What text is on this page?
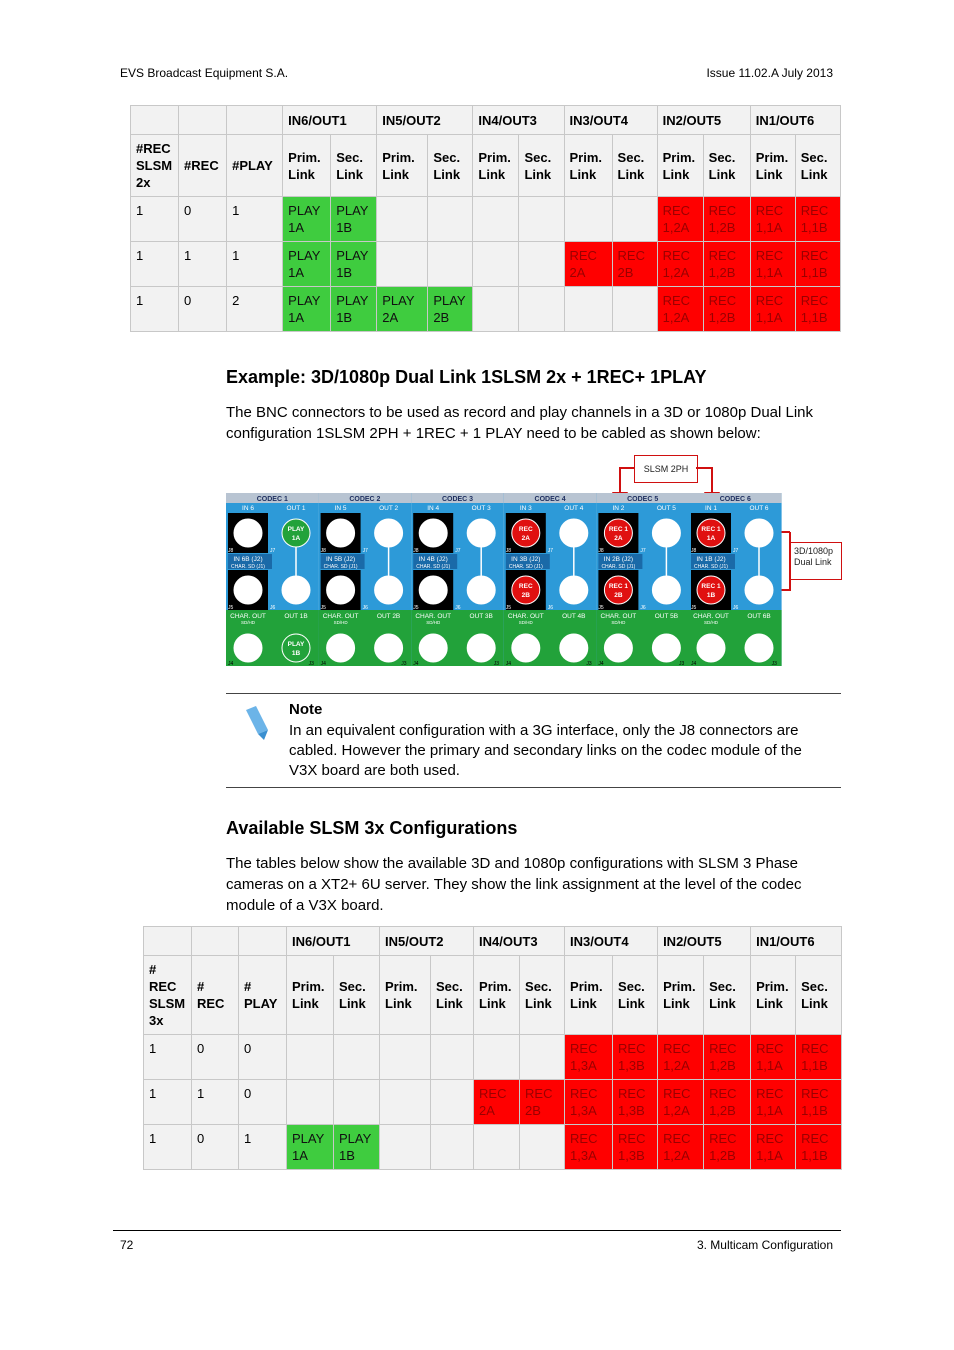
EVS Broadcast Equipment S.A.	Issue 11.02.A July 2013
			IN6/OUT1		IN5/OUT2		IN4/OUT3		IN3/OUT4		IN2/OUT5		IN1/OUT6	
#REC SLSM 2x	#REC	#PLAY	Prim. Link	Sec. Link	Prim. Link	Sec. Link	Prim. Link	Sec. Link	Prim. Link	Sec. Link	Prim. Link	Sec. Link	Prim. Link	Sec. Link
1	0	1	PLAY 1A	PLAY 1B							REC 1,2A	REC 1,2B	REC 1,1A	REC 1,1B
1	1	1	PLAY 1A	PLAY 1B					REC 2A	REC 2B	REC 1,2A	REC 1,2B	REC 1,1A	REC 1,1B
1	0	2	PLAY 1A	PLAY 1B	PLAY 2A	PLAY 2B					REC 1,2A	REC 1,2B	REC 1,1A	REC 1,1B
Example: 3D/1080p Dual Link 1SLSM 2x + 1REC+ 1PLAY

The BNC connectors to be used as record and play channels in a 3D or 1080p Dual Link configuration 1SLSM 2PH + 1REC + 1 PLAY need to be cabled as shown below:

SLSM 2PH
3D/1080p Dual Link
CODEC 1
IN 6	OUT 1
IN 6B (J2)
CHAR. SD (J1)
J8	J7
J6
J5
CHAR. OUT
SD/HD
OUT 1B
J4	J3
PLAY
1A
PLAY
1B
CODEC 2
IN 5	OUT 2
IN 5B (J2)
CHAR. SD (J1)
J8	J7
J6
J5
CHAR. OUT
SD/HD
OUT 2B
J4	J3
CODEC 3
IN 4	OUT 3
IN 4B (J2)
CHAR. SD (J1)
J8	J7
J6
J5
CHAR. OUT
SD/HD
OUT 3B
J4	J3
CODEC 4
IN 3	OUT 4
IN 3B (J2)
CHAR. SD (J1)
J8	J7
J6
J5
CHAR. OUT
SD/HD
OUT 4B
J4	J3
REC
2A
REC
2B
CODEC 5
IN 2	OUT 5
IN 2B (J2)
CHAR. SD (J1)
J8	J7
J6
J5
CHAR. OUT
SD/HD
OUT 5B
J4	J3
REC 1
2A
REC 1
2B
CODEC 6
IN 1	OUT 6
IN 1B (J2)
CHAR. SD (J1)
J8	J7
J6
J5
CHAR. OUT
SD/HD
OUT 6B
J4	J3
REC 1
1A
REC 1
1B
Note
In an equivalent configuration with a 3G interface, only the J8 connectors are cabled. However the primary and secondary links on the codec module of the V3X board are both used.
Available SLSM 3x Configurations

The tables below show the available 3D and 1080p configurations with SLSM 3 Phase cameras on a XT2+ 6U server. They show the link assignment at the level of the codec module of a V3X board.

			IN6/OUT1		IN5/OUT2		IN4/OUT3		IN3/OUT4		IN2/OUT5		IN1/OUT6	
# REC SLSM 3x	# REC	# PLAY	Prim. Link	Sec. Link	Prim. Link	Sec. Link	Prim. Link	Sec. Link	Prim. Link	Sec. Link	Prim. Link	Sec. Link	Prim. Link	Sec. Link
1	0	0							REC 1,3A	REC 1,3B	REC 1,2A	REC 1,2B	REC 1,1A	REC 1,1B
1	1	0					REC 2A	REC 2B	REC 1,3A	REC 1,3B	REC 1,2A	REC 1,2B	REC 1,1A	REC 1,1B
1	0	1	PLAY 1A	PLAY 1B					REC 1,3A	REC 1,3B	REC 1,2A	REC 1,2B	REC 1,1A	REC 1,1B
72	3. Multicam Configuration
